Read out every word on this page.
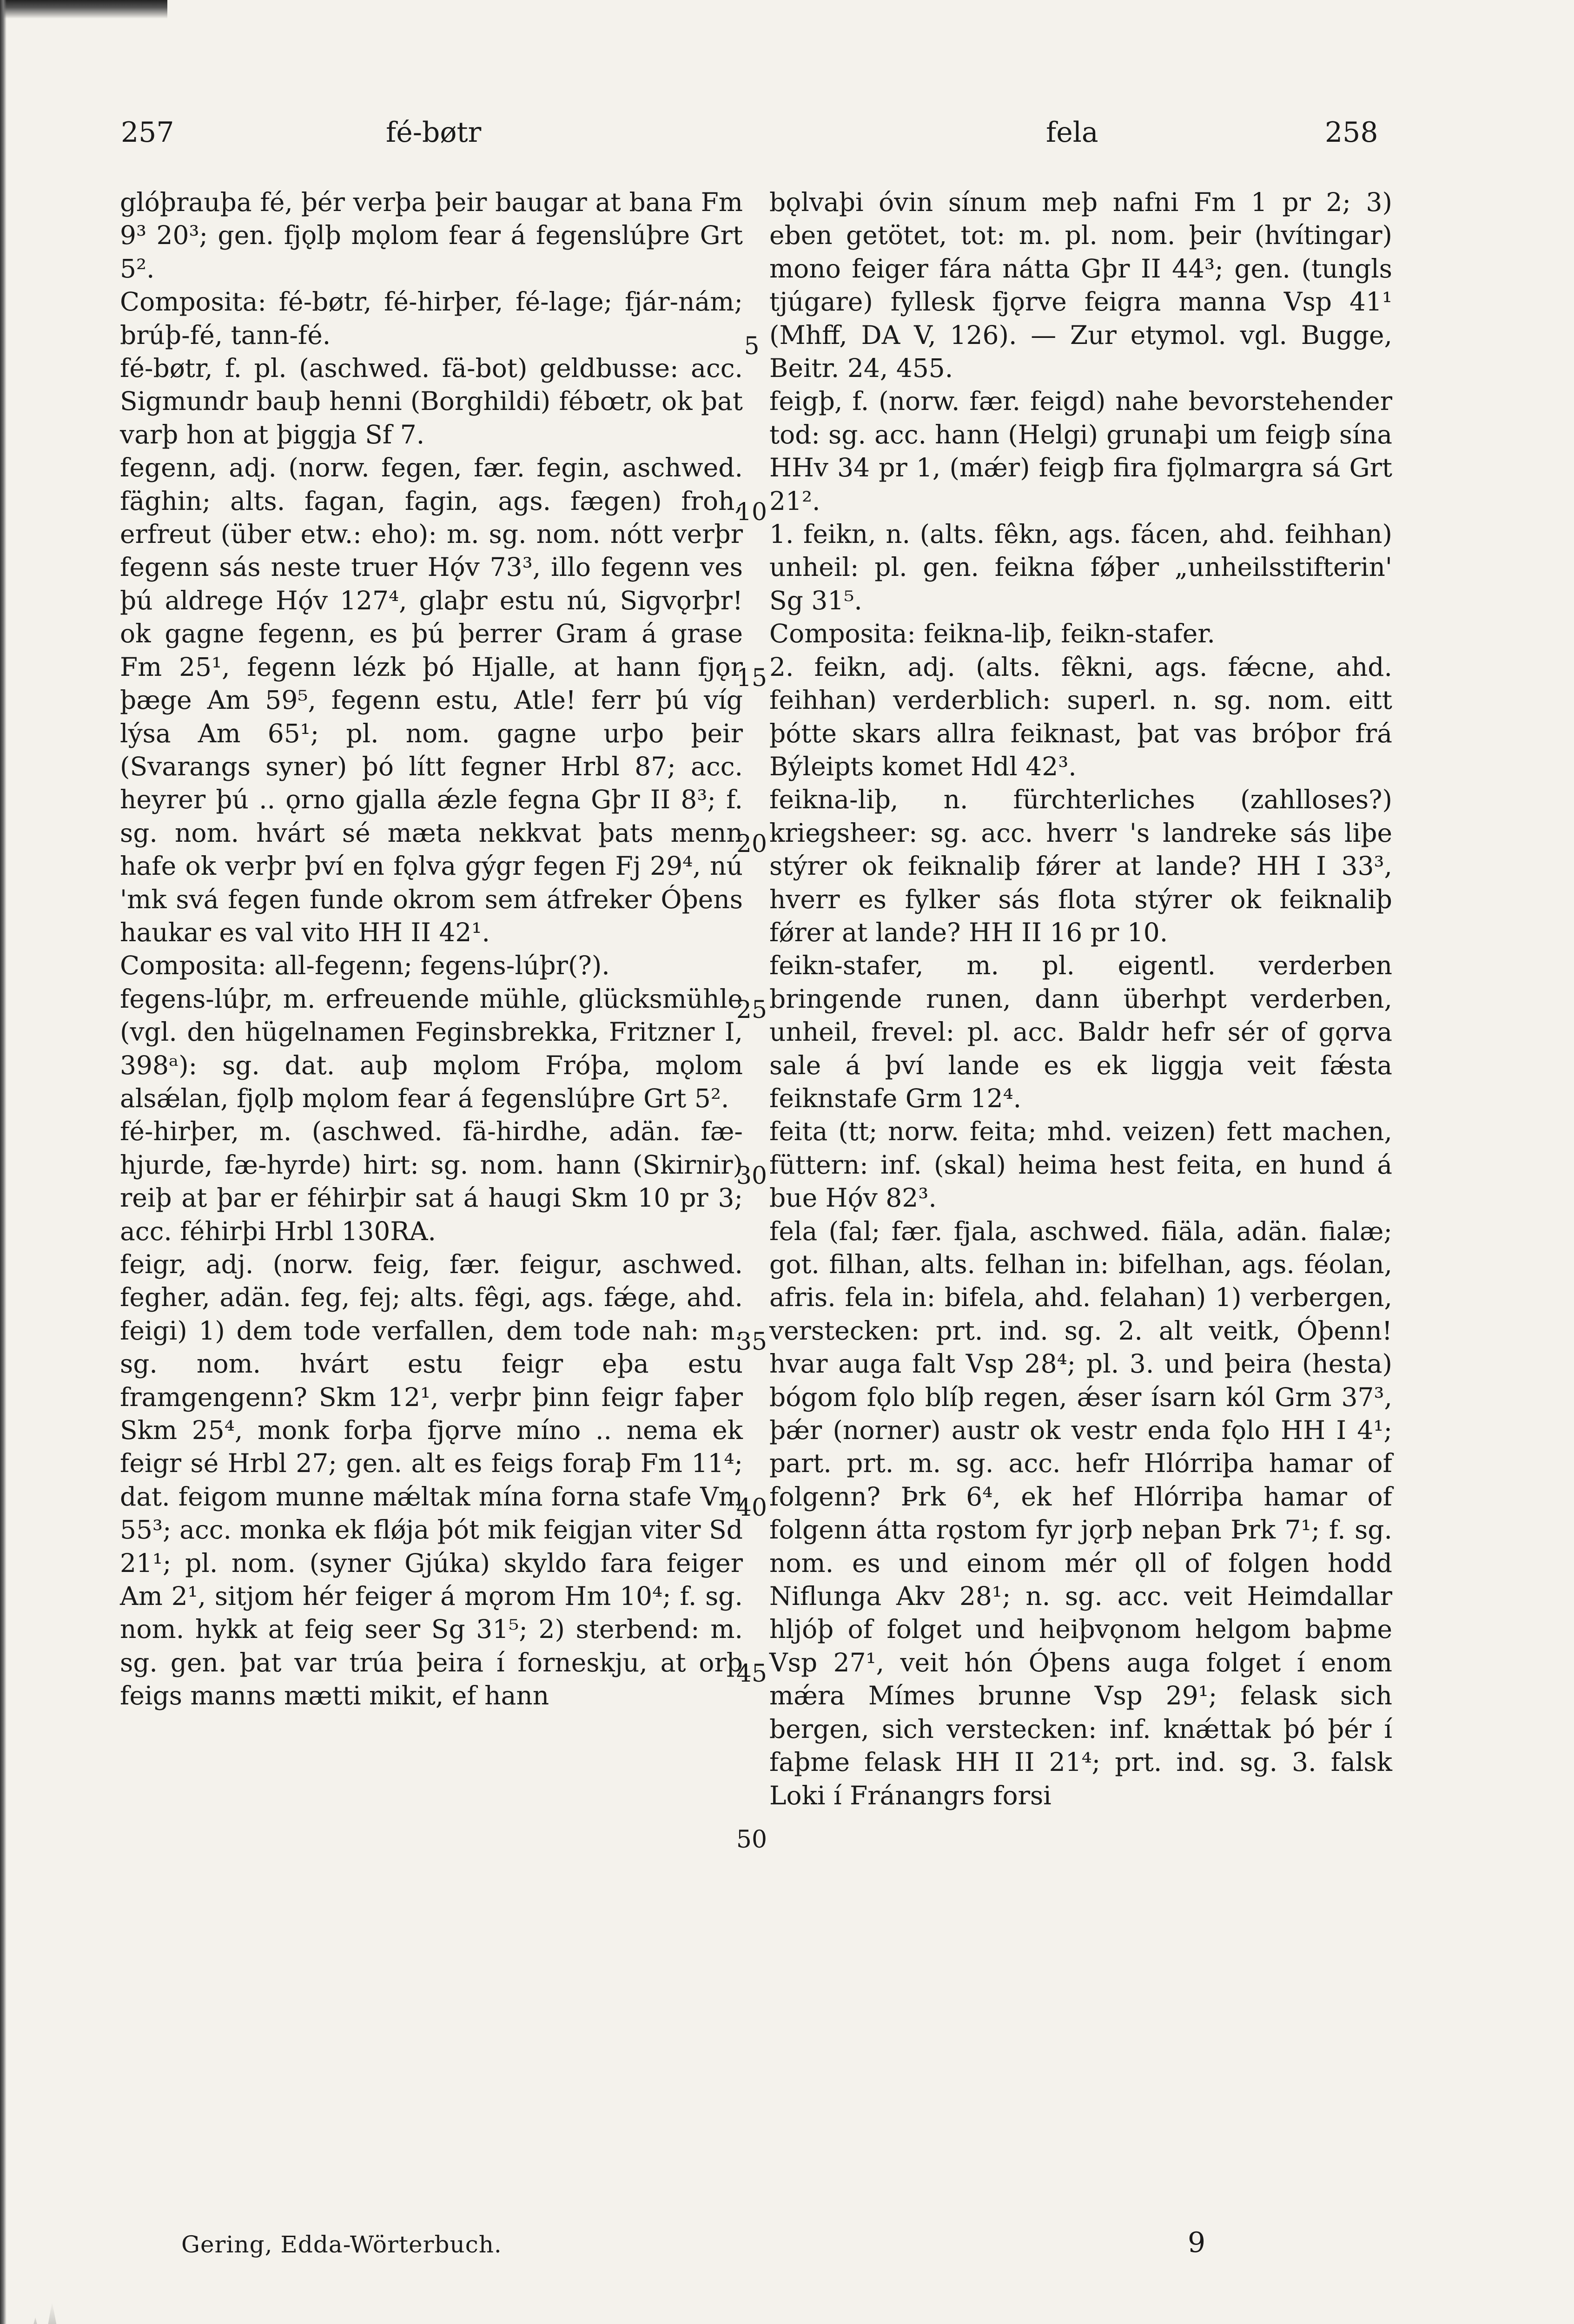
257	fé-bøtr	fela	258

glóþrauþa fé, þér verþa þeir baugar at bana Fm 9³ 20³; gen. fjǫlþ mǫlom fear á fegenslúþre Grt 5².

Composita: fé-bøtr, fé-hirþer, fé-lage; fjár-nám; brúþ-fé, tann-fé.

fé-bøtr, f. pl. (aschwed. fä-bot) geldbusse: acc. Sigmundr bauþ henni (Borghildi) fébœtr, ok þat varþ hon at þiggja Sf 7.

fegenn, adj. (norw. fegen, fær. fegin, aschwed. fäghin; alts. fagan, fagin, ags. fægen) froh, erfreut (über etw.: eho): m. sg. nom. nótt verþr fegenn sás neste truer Hǫ́v 73³, illo fegenn ves þú aldrege Hǫ́v 127⁴, glaþr estu nú, Sigvǫrþr! ok gagne fegenn, es þú þerrer Gram á grase Fm 25¹, fegenn lézk þó Hjalle, at hann fjǫr þæge Am 59⁵, fegenn estu, Atle! ferr þú víg lýsa Am 65¹; pl. nom. gagne urþo þeir (Svarangs syner) þó lítt fegner Hrbl 87; acc. heyrer þú .. ǫrno gjalla ǽzle fegna Gþr II 8³; f. sg. nom. hvárt sé mæta nekkvat þats menn hafe ok verþr því en fǫlva gýgr fegen Fj 29⁴, nú 'mk svá fegen funde okrom sem átfreker Óþens haukar es val vito HH II 42¹.

Composita: all-fegenn; fegens-lúþr(?).

fegens-lúþr, m. erfreuende mühle, glücksmühle (vgl. den hügelnamen Feginsbrekka, Fritzner I, 398ᵃ): sg. dat. auþ mǫlom Fróþa, mǫlom alsǽlan, fjǫlþ mǫlom fear á fegenslúþre Grt 5².

fé-hirþer, m. (aschwed. fä-hirdhe, adän. fæ-hjurde, fæ-hyrde) hirt: sg. nom. hann (Skirnir) reiþ at þar er féhirþir sat á haugi Skm 10 pr 3; acc. féhirþi Hrbl 130RA.

feigr, adj. (norw. feig, fær. feigur, aschwed. fegher, adän. feg, fej; alts. fêgi, ags. fǽge, ahd. feigi) 1) dem tode verfallen, dem tode nah: m. sg. nom. hvárt estu feigr eþa estu framgengenn? Skm 12¹, verþr þinn feigr faþer Skm 25⁴, monk forþa fjǫrve míno .. nema ek feigr sé Hrbl 27; gen. alt es feigs foraþ Fm 11⁴; dat. feigom munne mǽltak mína forna stafe Vm 55³; acc. monka ek flǿja þót mik feigjan viter Sd 21¹; pl. nom. (syner Gjúka) skyldo fara feiger Am 2¹, sitjom hér feiger á mǫrom Hm 10⁴; f. sg. nom. hykk at feig seer Sg 31⁵; 2) sterbend: m. sg. gen. þat var trúa þeira í forneskju, at orþ feigs manns mætti mikit, ef hann

bǫlvaþi óvin sínum meþ nafni Fm 1 pr 2; 3) eben getötet, tot: m. pl. nom. þeir (hvítingar) mono feiger fára nátta Gþr II 44³; gen. (tungls tjúgare) fyllesk fjǫrve feigra manna Vsp 41¹ (Mhff, DA V, 126). — Zur etymol. vgl. Bugge, Beitr. 24, 455.

feigþ, f. (norw. fær. feigd) nahe bevorstehender tod: sg. acc. hann (Helgi) grunaþi um feigþ sína HHv 34 pr 1, (mǽr) feigþ fira fjǫlmargra sá Grt 21².

1. feikn, n. (alts. fêkn, ags. fácen, ahd. feihhan) unheil: pl. gen. feikna fǿþer „unheilsstifterin' Sg 31⁵.

Composita: feikna-liþ, feikn-stafer.

2. feikn, adj. (alts. fêkni, ags. fǽcne, ahd. feihhan) verderblich: superl. n. sg. nom. eitt þótte skars allra feiknast, þat vas bróþor frá Býleipts komet Hdl 42³.

feikna-liþ, n. fürchterliches (zahlloses?) kriegsheer: sg. acc. hverr 's landreke sás liþe stýrer ok feiknaliþ fǿrer at lande? HH I 33³, hverr es fylker sás flota stýrer ok feiknaliþ fǿrer at lande? HH II 16 pr 10.

feikn-stafer, m. pl. eigentl. verderben bringende runen, dann überhpt verderben, unheil, frevel: pl. acc. Baldr hefr sér of gǫrva sale á því lande es ek liggja veit fǽsta feiknstafe Grm 12⁴.

feita (tt; norw. feita; mhd. veizen) fett machen, füttern: inf. (skal) heima hest feita, en hund á bue Hǫ́v 82³.

fela (fal; fær. fjala, aschwed. fiäla, adän. fialæ; got. filhan, alts. felhan in: bifelhan, ags. féolan, afris. fela in: bifela, ahd. felahan) 1) verbergen, verstecken: prt. ind. sg. 2. alt veitk, Óþenn! hvar auga falt Vsp 28⁴; pl. 3. und þeira (hesta) bógom fǫlo blíþ regen, ǽser ísarn kól Grm 37³, þǽr (norner) austr ok vestr enda fǫlo HH I 4¹; part. prt. m. sg. acc. hefr Hlórriþa hamar of folgenn? Þrk 6⁴, ek hef Hlórriþa hamar of folgenn átta rǫstom fyr jǫrþ neþan Þrk 7¹; f. sg. nom. es und einom mér ǫll of folgen hodd Niflunga Akv 28¹; n. sg. acc. veit Heimdallar hljóþ of folget und heiþvǫnom helgom baþme Vsp 27¹, veit hón Óþens auga folget í enom mǽra Mímes brunne Vsp 29¹; felask sich bergen, sich verstecken: inf. knǽttak þó þér í faþme felask HH II 21⁴; prt. ind. sg. 3. falsk Loki í Fránangrs forsi

5
10
15
20
25
30
35
40
45
50
Gering, Edda-Wörterbuch.	9
